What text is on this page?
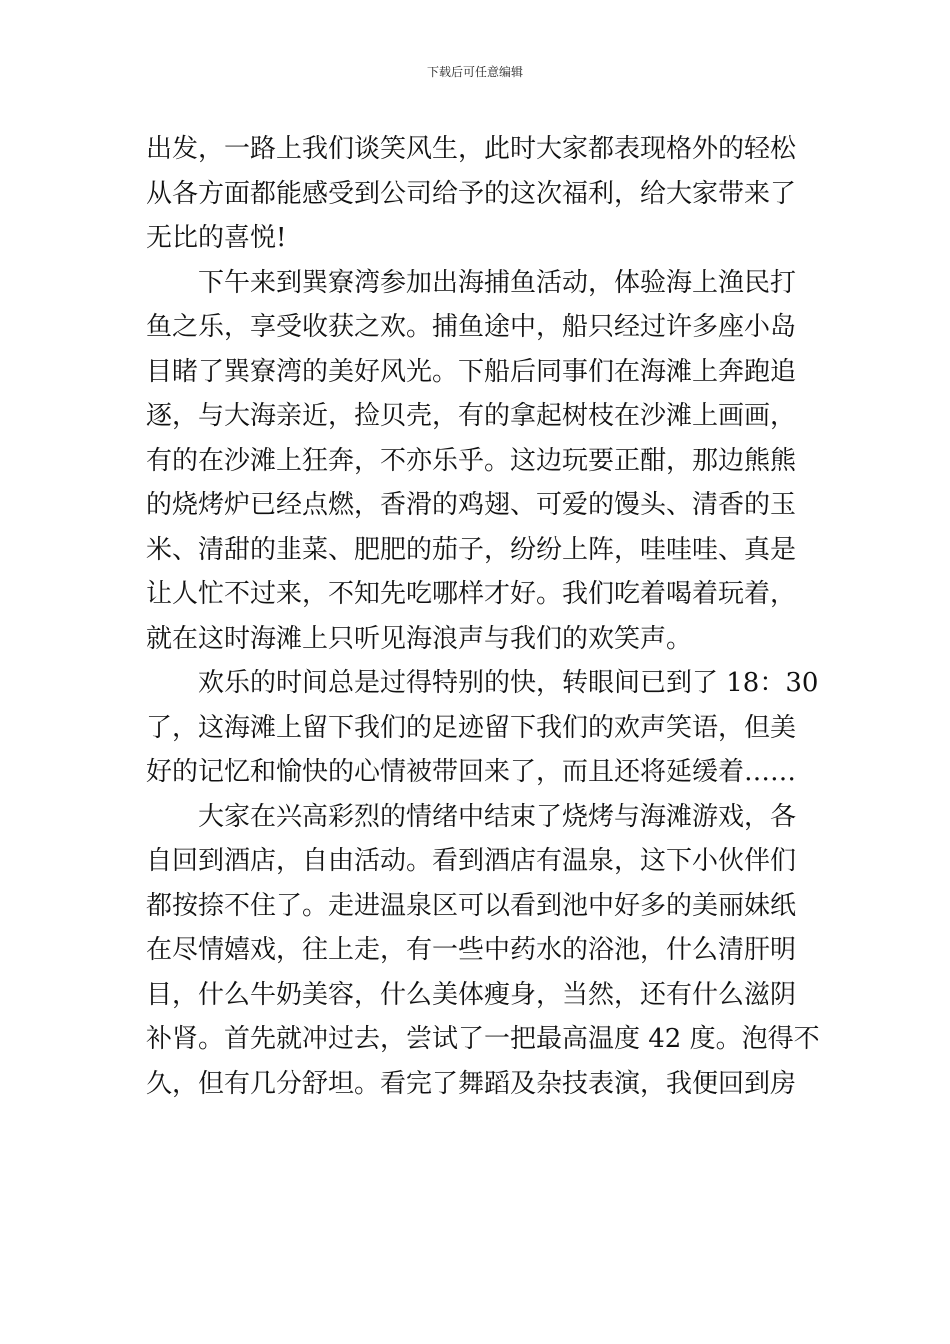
下载后可任意编辑

出发，一路上我们谈笑风生，此时大家都表现格外的轻松
从各方面都能感受到公司给予的这次福利，给大家带来了
无比的喜悦!

下午来到巽寮湾参加出海捕鱼活动，体验海上渔民打
鱼之乐，享受收获之欢。捕鱼途中，船只经过许多座小岛
目睹了巽寮湾的美好风光。下船后同事们在海滩上奔跑追
逐，与大海亲近，捡贝壳，有的拿起树枝在沙滩上画画，
有的在沙滩上狂奔，不亦乐乎。这边玩要正酣，那边熊熊
的烧烤炉已经点燃，香滑的鸡翅、可爱的馒头、清香的玉
米、清甜的韭菜、肥肥的茄子，纷纷上阵，哇哇哇、真是
让人忙不过来，不知先吃哪样才好。我们吃着喝着玩着，
就在这时海滩上只听见海浪声与我们的欢笑声。

欢乐的时间总是过得特别的快，转眼间已到了 18：30
了，这海滩上留下我们的足迹留下我们的欢声笑语，但美
好的记忆和愉快的心情被带回来了，而且还将延缓着……

大家在兴高彩烈的情绪中结束了烧烤与海滩游戏，各
自回到酒店，自由活动。看到酒店有温泉，这下小伙伴们
都按捺不住了。走进温泉区可以看到池中好多的美丽妹纸
在尽情嬉戏，往上走，有一些中药水的浴池，什么清肝明
目，什么牛奶美容，什么美体瘦身，当然，还有什么滋阴
补肾。首先就冲过去，尝试了一把最高温度 42 度。泡得不
久，但有几分舒坦。看完了舞蹈及杂技表演，我便回到房
